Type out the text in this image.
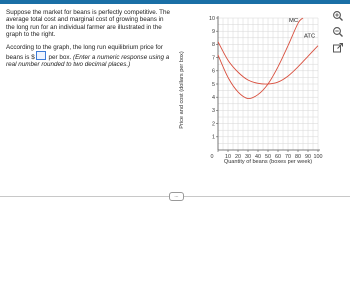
Suppose the market for beans is perfectly competitive. The average total cost and marginal cost of growing beans in the long run for an individual farmer are illustrated in the graph to the right.

According to the graph, the long run equilibrium price for beans is $ per box. (Enter a numeric response using a real number rounded to two decimal places.)

1
2
3
4
5
6
7
8
9
10
0 10 20 30 40 50 60 70 80 90 100
MC
ATC
Quantity of beans (boxes per week)
Price and cost (dollars per box)
...
